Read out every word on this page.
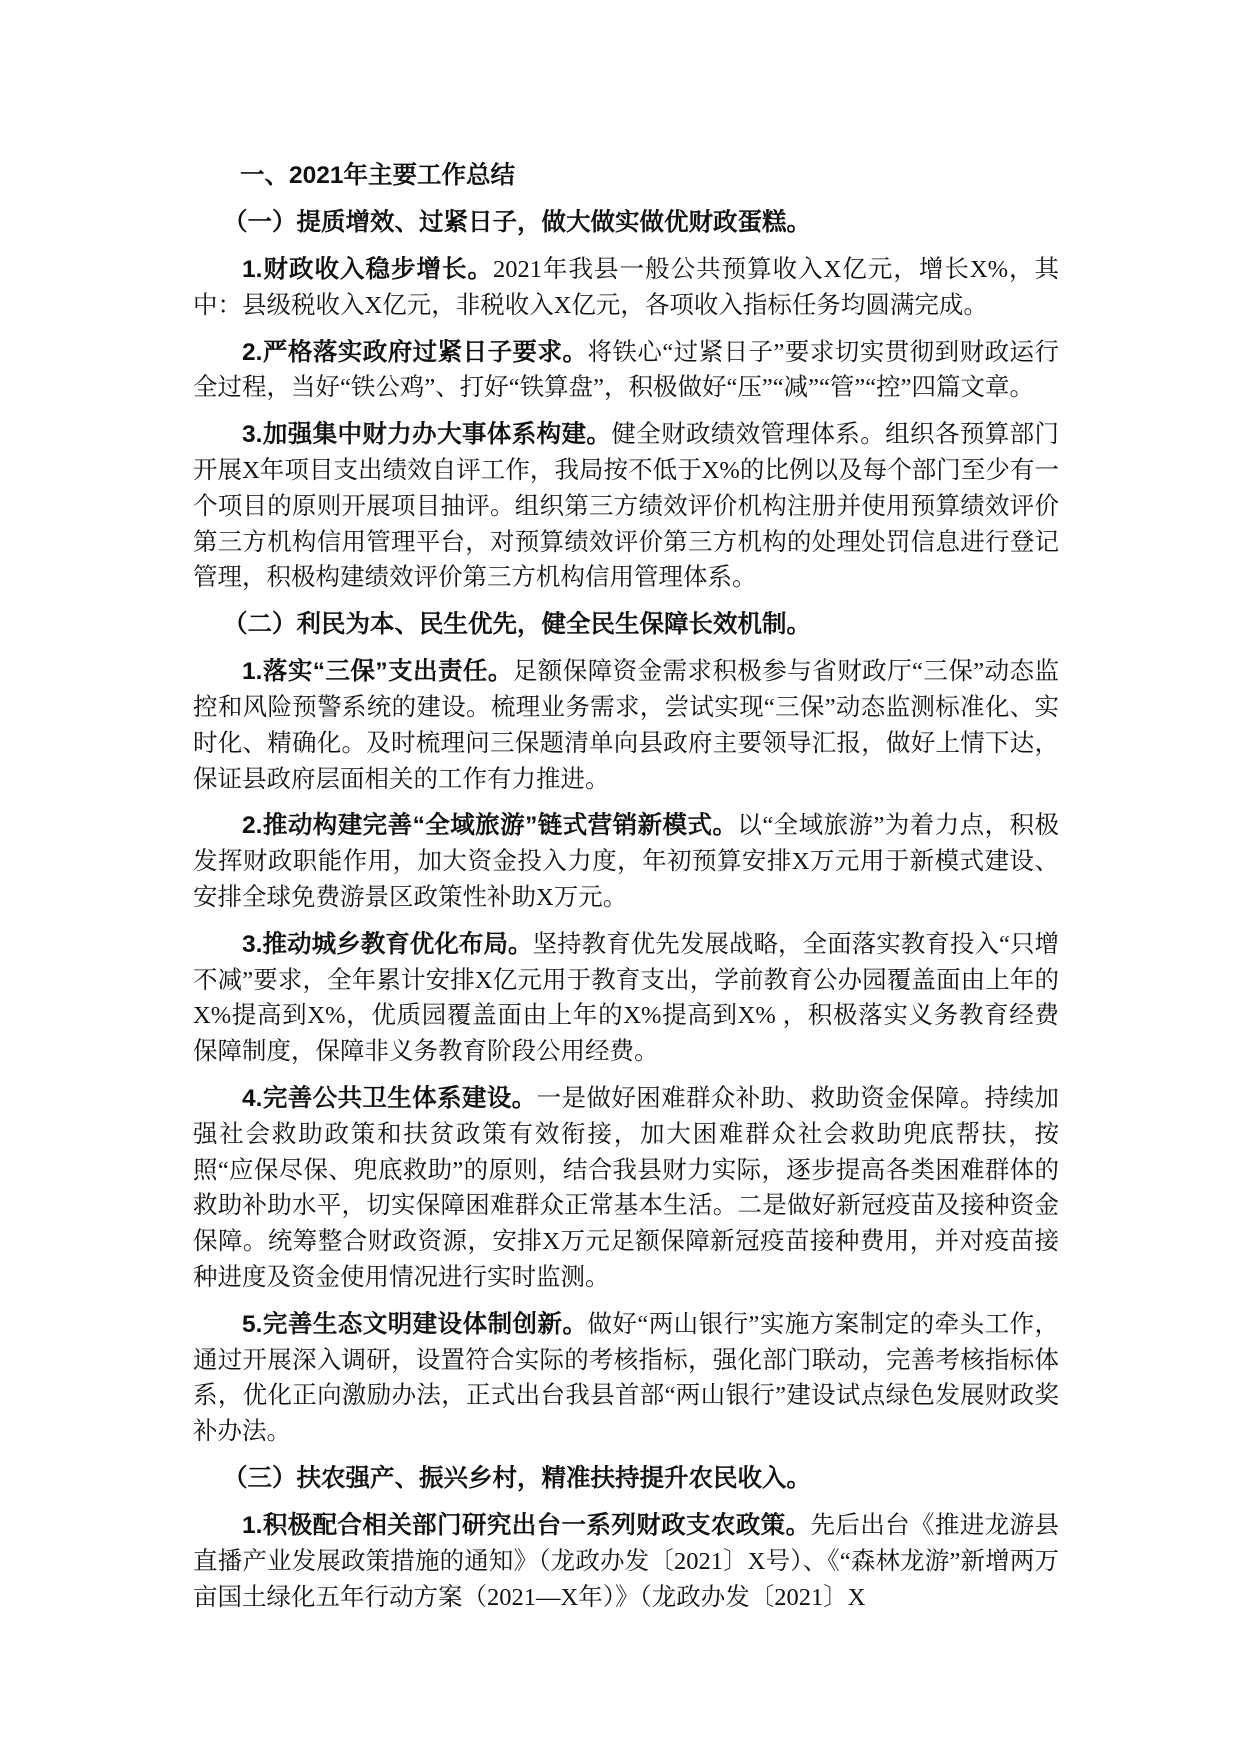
一、2021年主要工作总结
（一）提质增效、过紧日子，做大做实做优财政蛋糕。

1.财政收入稳步增长。2021年我县一般公共预算收入X亿元，增长X%，其中：县级税收入X亿元，非税收入X亿元，各项收入指标任务均圆满完成。

2.严格落实政府过紧日子要求。将铁心“过紧日子”要求切实贯彻到财政运行全过程，当好“铁公鸡”、打好“铁算盘”，积极做好“压”“减”“管”“控”四篇文章。

3.加强集中财力办大事体系构建。健全财政绩效管理体系。组织各预算部门开展X年项目支出绩效自评工作，我局按不低于X%的比例以及每个部门至少有一个项目的原则开展项目抽评。组织第三方绩效评价机构注册并使用预算绩效评价第三方机构信用管理平台，对预算绩效评价第三方机构的处理处罚信息进行登记管理，积极构建绩效评价第三方机构信用管理体系。

（二）利民为本、民生优先，健全民生保障长效机制。

1.落实“三保”支出责任。足额保障资金需求积极参与省财政厅“三保”动态监控和风险预警系统的建设。梳理业务需求，尝试实现“三保”动态监测标准化、实时化、精确化。及时梳理问三保题清单向县政府主要领导汇报，做好上情下达，保证县政府层面相关的工作有力推进。

2.推动构建完善“全域旅游”链式营销新模式。以“全域旅游”为着力点，积极发挥财政职能作用，加大资金投入力度，年初预算安排X万元用于新模式建设、安排全球免费游景区政策性补助X万元。

3.推动城乡教育优化布局。坚持教育优先发展战略，全面落实教育投入“只增不减”要求，全年累计安排X亿元用于教育支出，学前教育公办园覆盖面由上年的X%提高到X%，优质园覆盖面由上年的X%提高到X% ，积极落实义务教育经费保障制度，保障非义务教育阶段公用经费。

4.完善公共卫生体系建设。一是做好困难群众补助、救助资金保障。持续加强社会救助政策和扶贫政策有效衔接，加大困难群众社会救助兜底帮扶，按照“应保尽保、兜底救助”的原则，结合我县财力实际，逐步提高各类困难群体的救助补助水平，切实保障困难群众正常基本生活。二是做好新冠疫苗及接种资金保障。统筹整合财政资源，安排X万元足额保障新冠疫苗接种费用，并对疫苗接种进度及资金使用情况进行实时监测。

5.完善生态文明建设体制创新。做好“两山银行”实施方案制定的牵头工作，通过开展深入调研，设置符合实际的考核指标，强化部门联动，完善考核指标体系，优化正向激励办法，正式出台我县首部“两山银行”建设试点绿色发展财政奖补办法。

（三）扶农强产、振兴乡村，精准扶持提升农民收入。

1.积极配合相关部门研究出台一系列财政支农政策。先后出台《推进龙游县直播产业发展政策措施的通知》（龙政办发〔2021〕X号）、《“森林龙游”新增两万亩国土绿化五年行动方案（2021—X年）》（龙政办发〔2021〕X
